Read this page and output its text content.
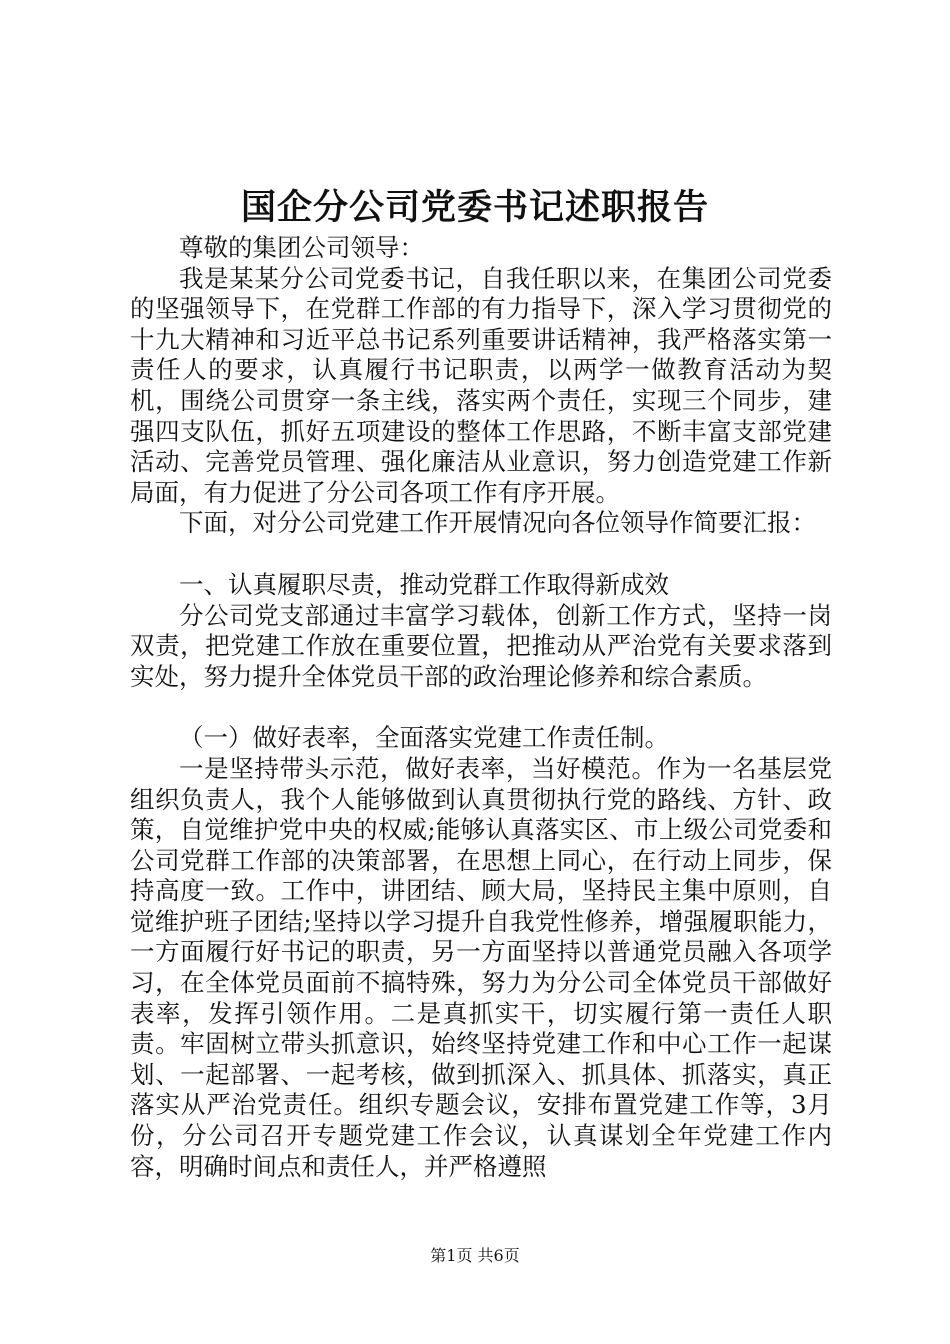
国企分公司党委书记述职报告

尊敬的集团公司领导：

我是某某分公司党委书记，自我任职以来，在集团公司党委的坚强领导下，在党群工作部的有力指导下，深入学习贯彻党的十九大精神和习近平总书记系列重要讲话精神，我严格落实第一责任人的要求，认真履行书记职责，以两学一做教育活动为契机，围绕公司贯穿一条主线，落实两个责任，实现三个同步，建强四支队伍，抓好五项建设的整体工作思路，不断丰富支部党建活动、完善党员管理、强化廉洁从业意识，努力创造党建工作新局面，有力促进了分公司各项工作有序开展。

下面，对分公司党建工作开展情况向各位领导作简要汇报：

一、认真履职尽责，推动党群工作取得新成效

分公司党支部通过丰富学习载体，创新工作方式，坚持一岗双责，把党建工作放在重要位置，把推动从严治党有关要求落到实处，努力提升全体党员干部的政治理论修养和综合素质。

（一）做好表率，全面落实党建工作责任制。

一是坚持带头示范，做好表率，当好模范。作为一名基层党组织负责人，我个人能够做到认真贯彻执行党的路线、方针、政策，自觉维护党中央的权威;能够认真落实区、市上级公司党委和公司党群工作部的决策部署，在思想上同心，在行动上同步，保持高度一致。工作中，讲团结、顾大局，坚持民主集中原则，自觉维护班子团结;坚持以学习提升自我党性修养，增强履职能力，一方面履行好书记的职责，另一方面坚持以普通党员融入各项学习，在全体党员面前不搞特殊，努力为分公司全体党员干部做好表率，发挥引领作用。二是真抓实干，切实履行第一责任人职责。牢固树立带头抓意识，始终坚持党建工作和中心工作一起谋划、一起部署、一起考核，做到抓深入、抓具体、抓落实，真正落实从严治党责任。组织专题会议，安排布置党建工作等，3月份，分公司召开专题党建工作会议，认真谋划全年党建工作内容，明确时间点和责任人，并严格遵照

第1页 共6页
